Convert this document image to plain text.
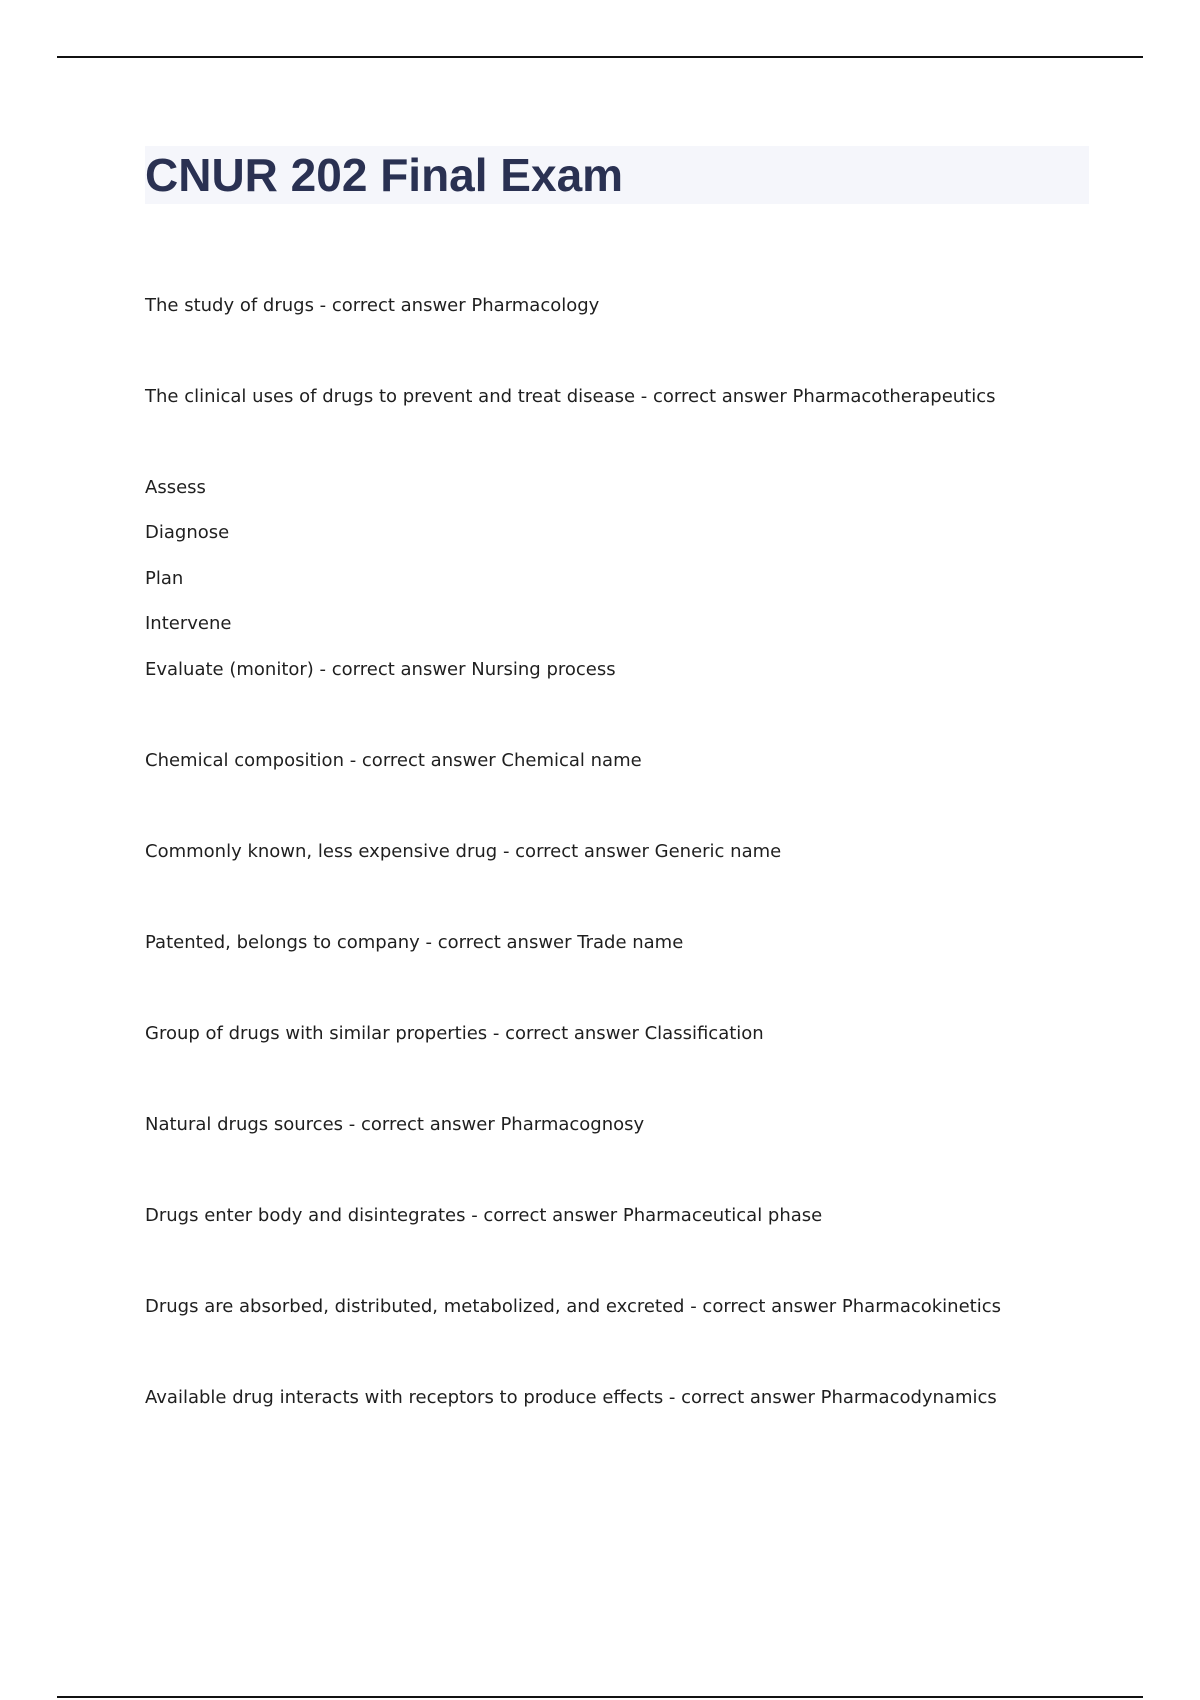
CNUR 202 Final Exam

The study of drugs - correct answer Pharmacology

The clinical uses of drugs to prevent and treat disease - correct answer Pharmacotherapeutics

Assess

Diagnose

Plan

Intervene

Evaluate (monitor) - correct answer Nursing process

Chemical composition - correct answer Chemical name

Commonly known, less expensive drug - correct answer Generic name

Patented, belongs to company - correct answer Trade name

Group of drugs with similar properties - correct answer Classification

Natural drugs sources - correct answer Pharmacognosy

Drugs enter body and disintegrates - correct answer Pharmaceutical phase

Drugs are absorbed, distributed, metabolized, and excreted - correct answer Pharmacokinetics

Available drug interacts with receptors to produce effects - correct answer Pharmacodynamics
